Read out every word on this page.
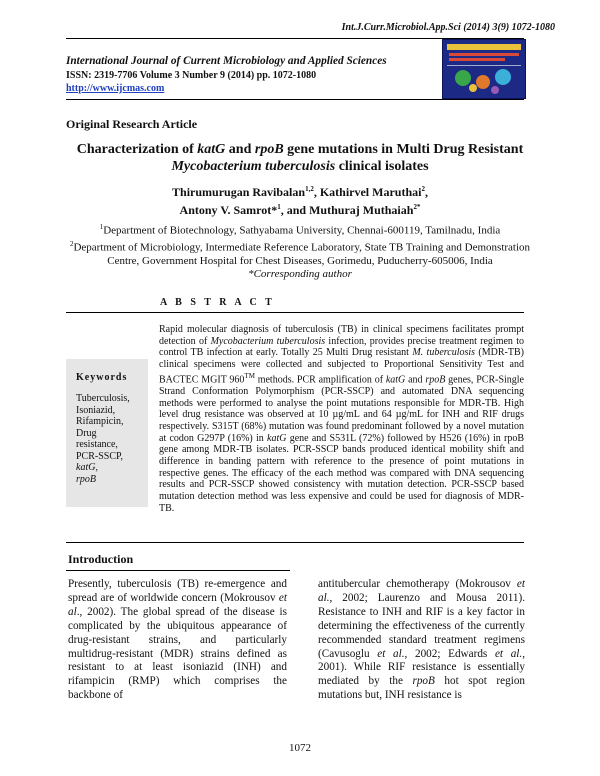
Int.J.Curr.Microbiol.App.Sci (2014) 3(9) 1072-1080
International Journal of Current Microbiology and Applied Sciences
ISSN: 2319-7706 Volume 3 Number 9 (2014) pp. 1072-1080
http://www.ijcmas.com
Original Research Article
Characterization of katG and rpoB gene mutations in Multi Drug Resistant Mycobacterium tuberculosis clinical isolates
Thirumurugan Ravibalan$^{1,2}$, Kathirvel Maruthai$^2$,
Antony V. Samrot*$^1$, and Muthuraj Muthaiah$^{2*}$
$^1$Department of Biotechnology, Sathyabama University, Chennai-600119, Tamilnadu, India
$^2$Department of Microbiology, Intermediate Reference Laboratory, State TB Training and Demonstration Centre, Government Hospital for Chest Diseases, Gorimedu, Puducherry-605006, India
*Corresponding author
A B S T R A C T
Keywords
Tuberculosis,
Isoniazid,
Rifampicin,
Drug
resistance,
PCR-SSCP,
katG,
rpoB
Rapid molecular diagnosis of tuberculosis (TB) in clinical specimens facilitates prompt detection of Mycobacterium tuberculosis infection, provides precise treatment regimen to control TB infection at early. Totally 25 Multi Drug resistant M. tuberculosis (MDR-TB) clinical specimens were collected and subjected to Proportional Sensitivity Test and BACTEC MGIT 960™ methods. PCR amplification of katG and rpoB genes, PCR-Single Strand Conformation Polymorphism (PCR-SSCP) and automated DNA sequencing methods were performed to analyse the point mutations responsible for MDR-TB. High level drug resistance was observed at 10 µg/mL and 64 µg/mL for INH and RIF drugs respectively. S315T (68%) mutation was found predominant followed by a novel mutation at codon G297P (16%) in katG gene and S531L (72%) followed by H526 (16%) in rpoB gene among MDR-TB isolates. PCR-SSCP bands produced identical mobility shift and difference in banding pattern with reference to the presence of point mutations in respective genes. The efficacy of the each method was compared with DNA sequencing results and PCR-SSCP showed consistency with mutation detection. PCR-SSCP based mutation detection method was less expensive and could be used for diagnosis of MDR-TB.
Introduction
Presently, tuberculosis (TB) re-emergence and spread are of worldwide concern (Mokrousov et al., 2002). The global spread of the disease is complicated by the ubiquitous appearance of drug-resistant strains, and particularly multidrug-resistant (MDR) strains defined as resistant to at least isoniazid (INH) and rifampicin (RMP) which comprises the backbone of
antitubercular chemotherapy (Mokrousov et al., 2002; Laurenzo and Mousa 2011). Resistance to INH and RIF is a key factor in determining the effectiveness of the currently recommended standard treatment regimens (Cavusoglu et al., 2002; Edwards et al., 2001). While RIF resistance is essentially mediated by the rpoB hot spot region mutations but, INH resistance is
1072
